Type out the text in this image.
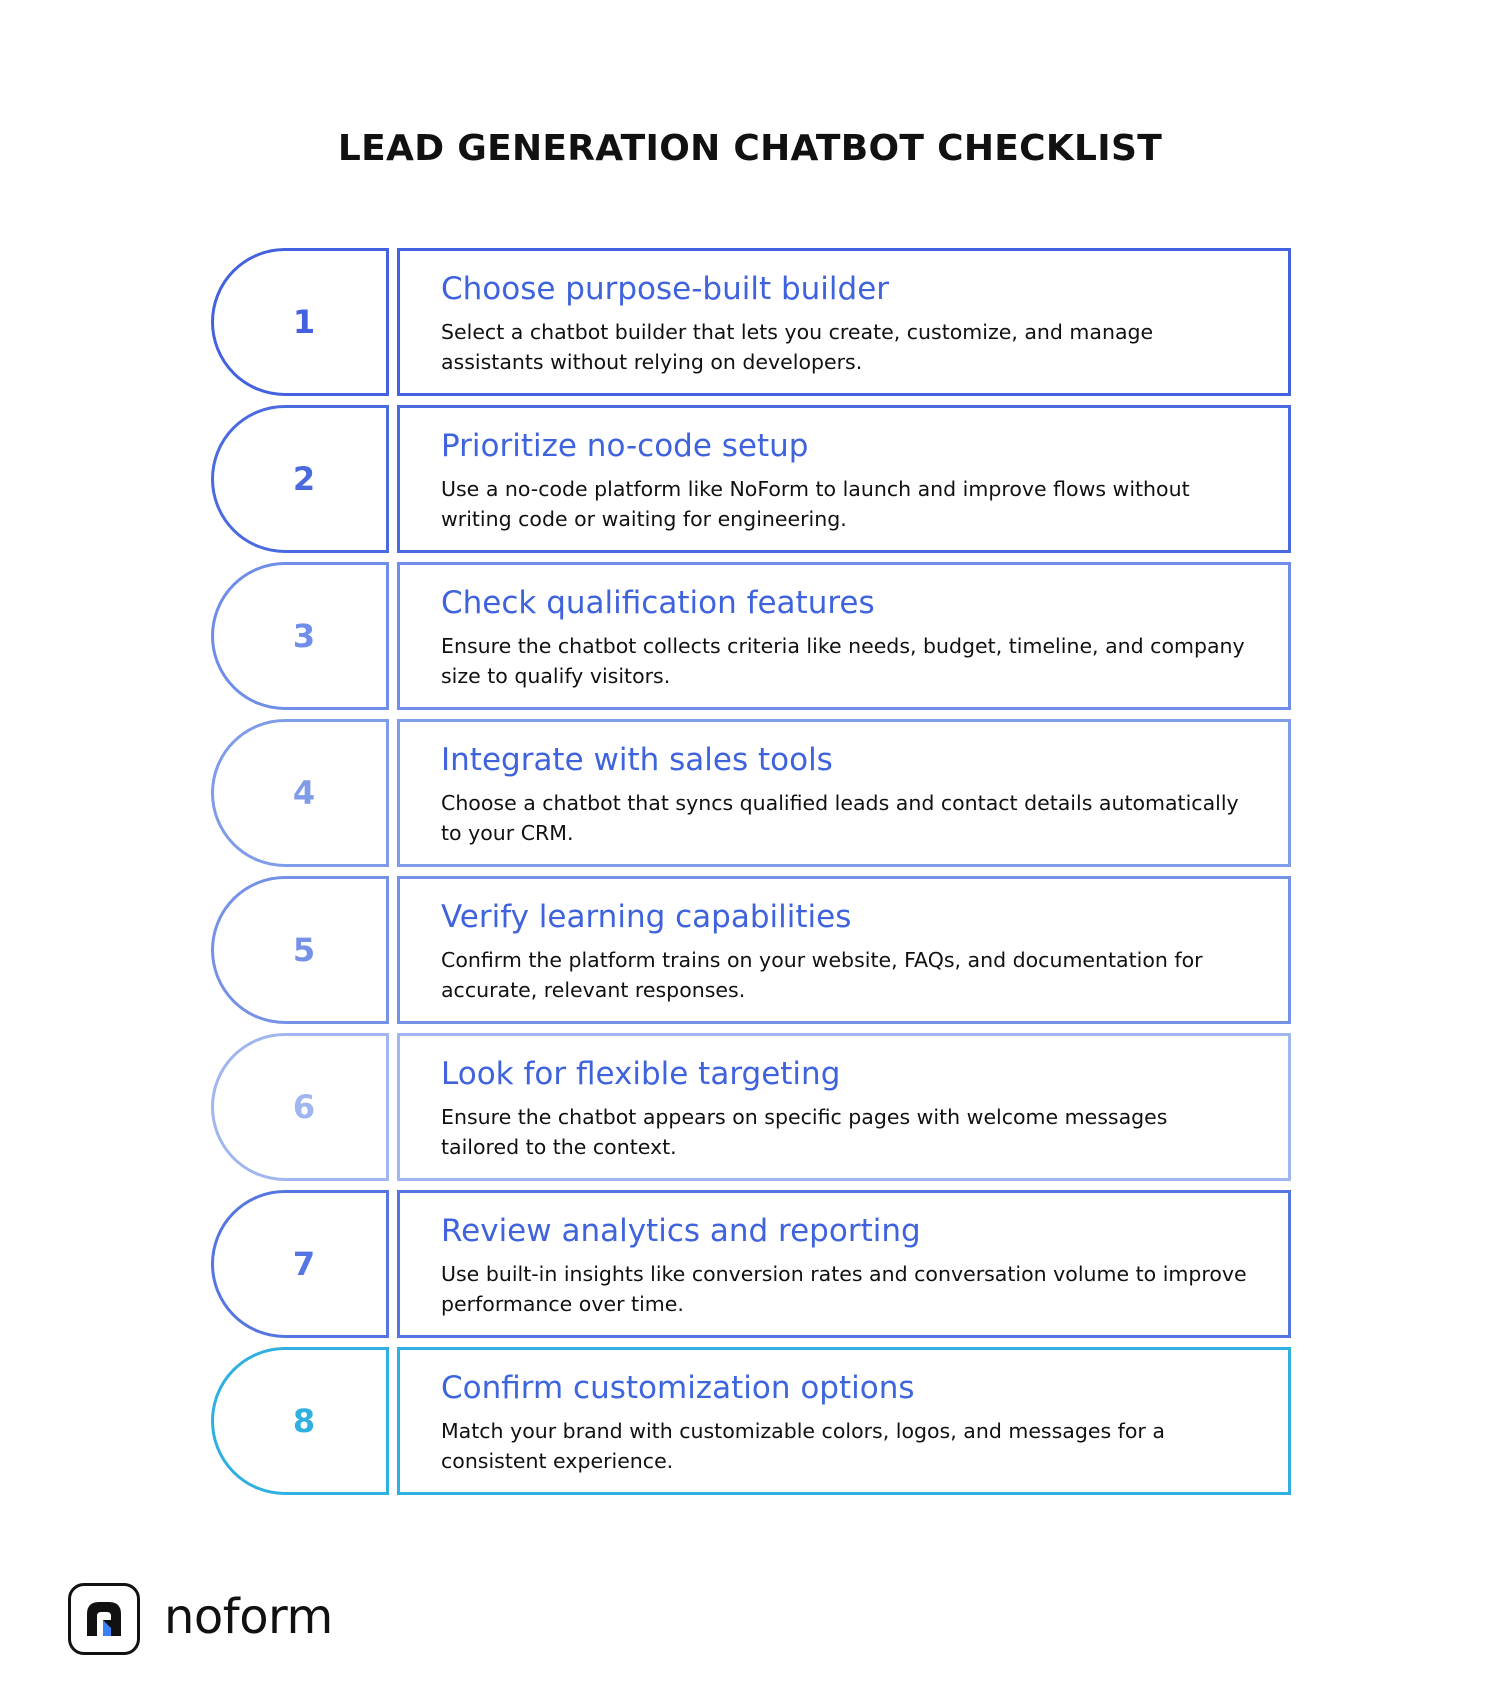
LEAD GENERATION CHATBOT CHECKLIST
1
Choose purpose-built builder

Select a chatbot builder that lets you create, customize, and manage assistants without relying on developers.

2
Prioritize no-code setup

Use a no-code platform like NoForm to launch and improve flows without writing code or waiting for engineering.

3
Check qualification features

Ensure the chatbot collects criteria like needs, budget, timeline, and company size to qualify visitors.

4
Integrate with sales tools

Choose a chatbot that syncs qualified leads and contact details automatically to your CRM.

5
Verify learning capabilities

Confirm the platform trains on your website, FAQs, and documentation for accurate, relevant responses.

6
Look for flexible targeting

Ensure the chatbot appears on specific pages with welcome messages tailored to the context.

7
Review analytics and reporting

Use built-in insights like conversion rates and conversation volume to improve performance over time.

8
Confirm customization options

Match your brand with customizable colors, logos, and messages for a consistent experience.

noform
